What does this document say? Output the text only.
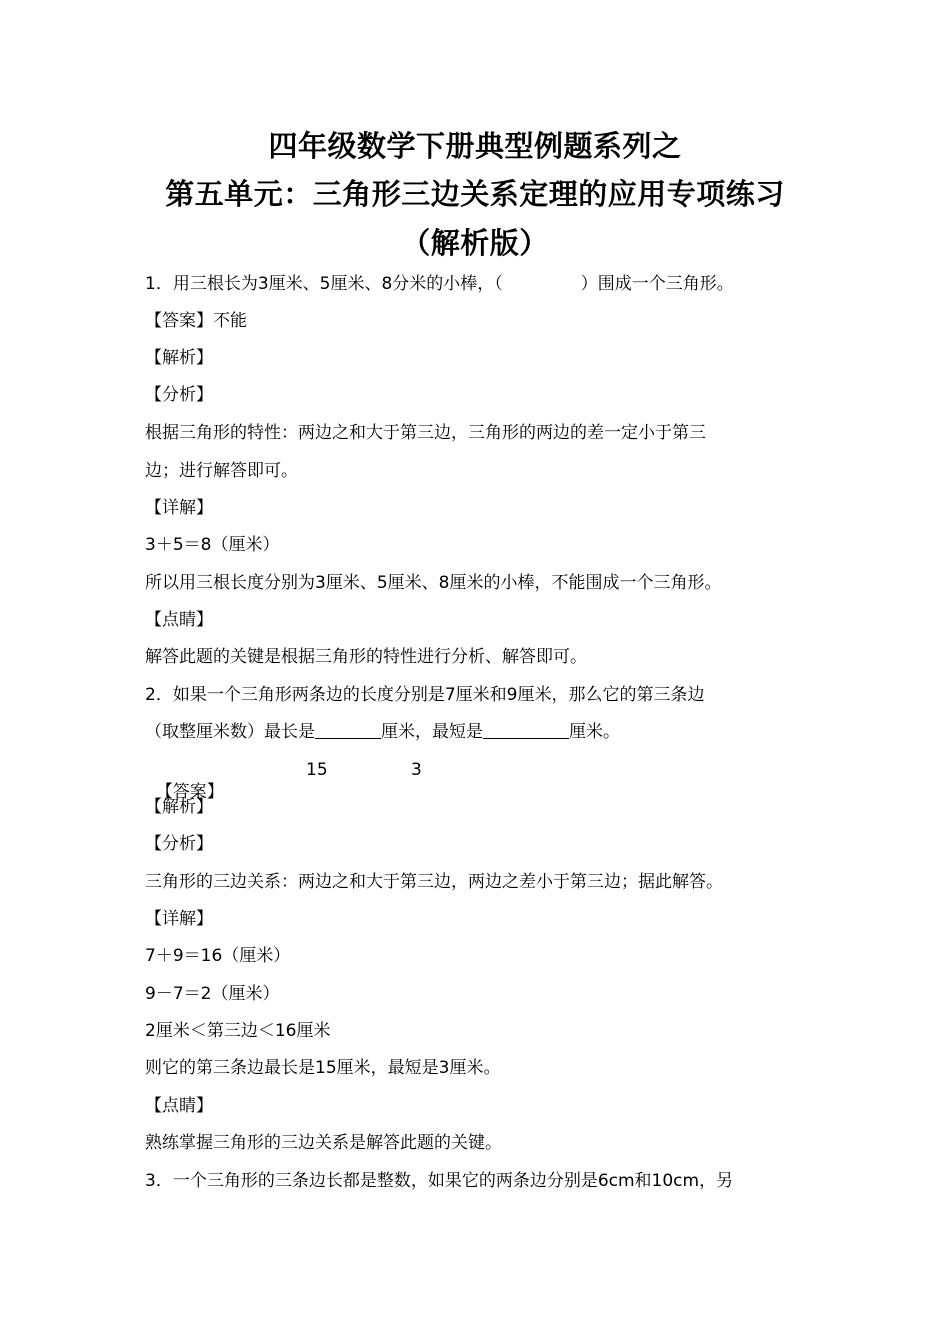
四年级数学下册典型例题系列之
第五单元：三角形三边关系定理的应用专项练习
（解析版）
1．用三根长为3厘米、5厘米、8分米的小棒，（	）围成一个三角形。
【答案】不能
【解析】
【分析】
根据三角形的特性：两边之和大于第三边，三角形的两边的差一定小于第三
边；进行解答即可。
【详解】
3＋5＝8（厘米）
所以用三根长度分别为3厘米、5厘米、8厘米的小棒，不能围成一个三角形。
【点睛】
解答此题的关键是根据三角形的特性进行分析、解答即可。
2．如果一个三角形两条边的长度分别是7厘米和9厘米，那么它的第三条边
（取整厘米数）最长是	厘米，最短是	厘米。

【答案】

15

	3

【解析】
【分析】
三角形的三边关系：两边之和大于第三边，两边之差小于第三边；据此解答。
【详解】
7＋9＝16（厘米）
9－7＝2（厘米）
2厘米＜第三边＜16厘米
则它的第三条边最长是15厘米，最短是3厘米。
【点睛】
熟练掌握三角形的三边关系是解答此题的关键。
3．一个三角形的三条边长都是整数，如果它的两条边分别是6cm和10cm，另
